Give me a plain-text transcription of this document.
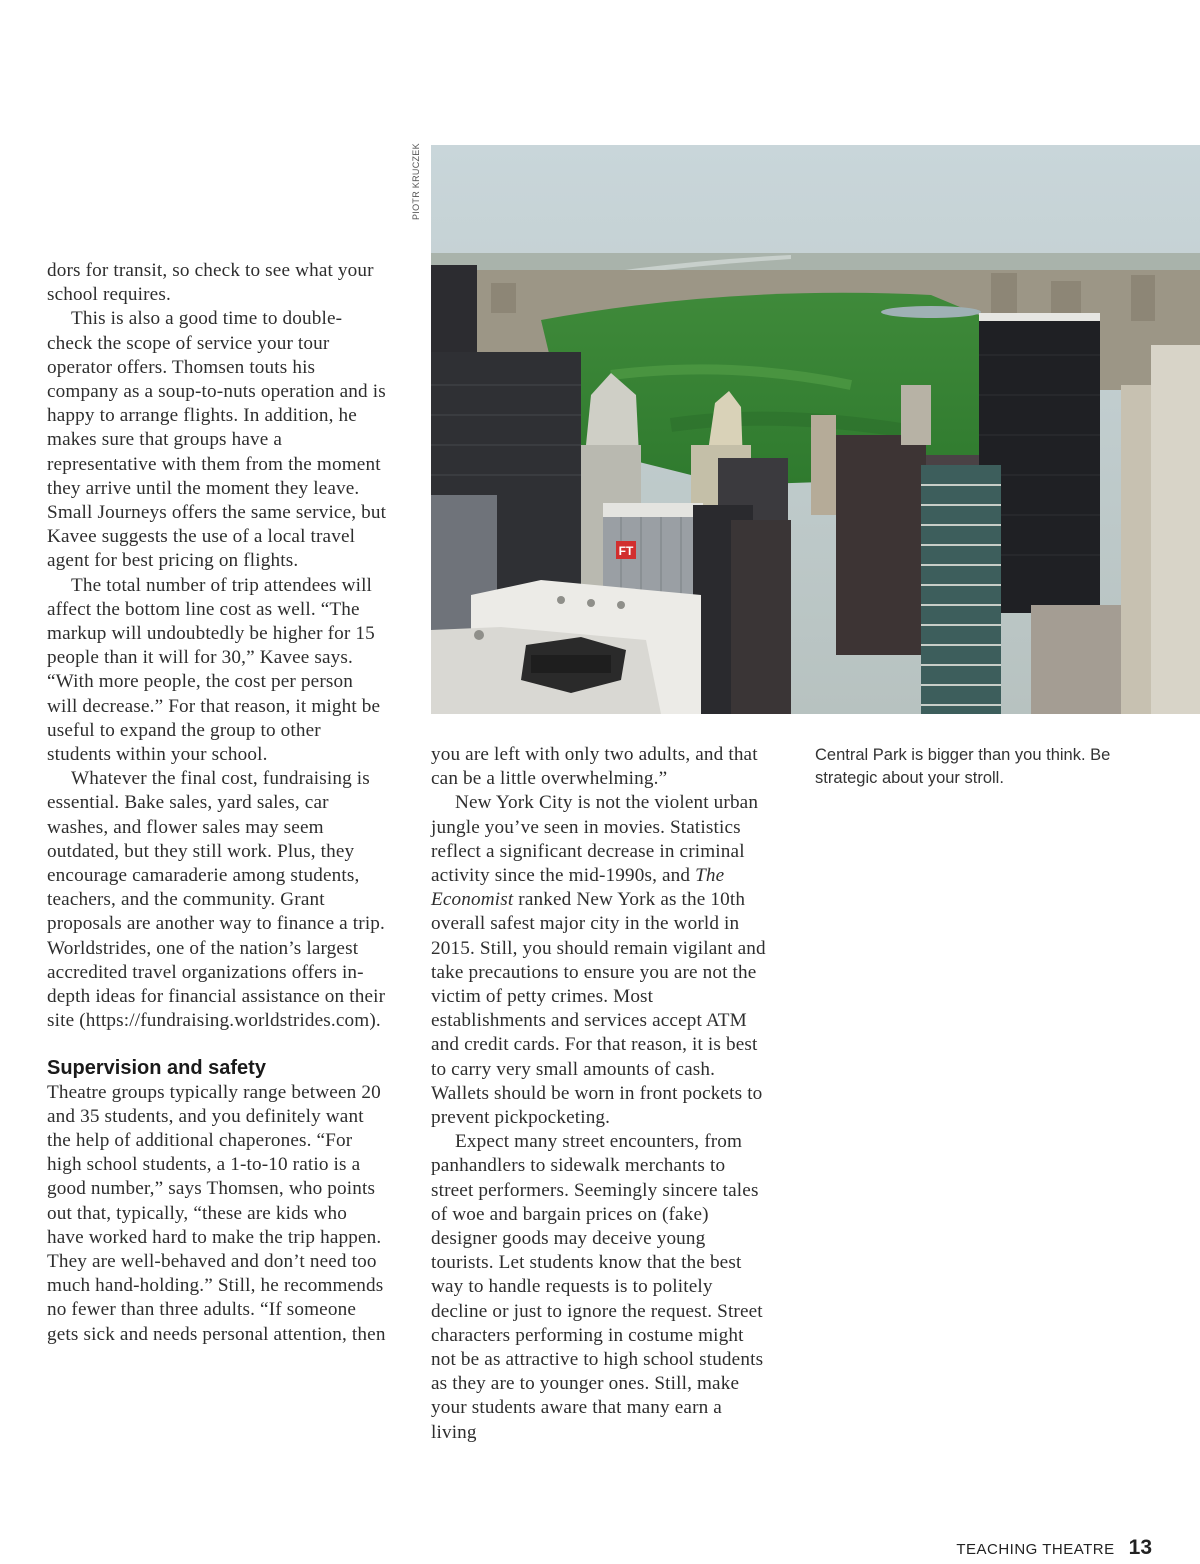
PIOTR KRUCZEK
FT

dors for transit, so check to see what your school requires.

This is also a good time to double-check the scope of service your tour operator offers. Thomsen touts his company as a soup-to-nuts operation and is happy to arrange flights. In addition, he makes sure that groups have a representative with them from the moment they arrive until the moment they leave. Small Journeys offers the same service, but Kavee suggests the use of a local travel agent for best pricing on flights.

The total number of trip attendees will affect the bottom line cost as well. “The markup will undoubtedly be higher for 15 people than it will for 30,” Kavee says. “With more people, the cost per person will decrease.” For that reason, it might be useful to expand the group to other students within your school.

Whatever the final cost, fundraising is essential. Bake sales, yard sales, car washes, and flower sales may seem outdated, but they still work. Plus, they encourage camaraderie among students, teachers, and the community. Grant proposals are another way to finance a trip. Worldstrides, one of the nation’s largest accredited travel organizations offers in-depth ideas for financial assistance on their site (https://fundraising.worldstrides.com).

Supervision and safety

Theatre groups typically range between 20 and 35 students, and you definitely want the help of additional chaperones. “For high school students, a 1-to-10 ratio is a good number,” says Thomsen, who points out that, typically, “these are kids who have worked hard to make the trip happen. They are well-behaved and don’t need too much hand-holding.” Still, he recommends no fewer than three adults. “If someone gets sick and needs personal attention, then

you are left with only two adults, and that can be a little overwhelming.”

New York City is not the violent urban jungle you’ve seen in movies. Statistics reflect a significant decrease in criminal activity since the mid-1990s, and The Economist ranked New York as the 10th overall safest major city in the world in 2015. Still, you should remain vigilant and take precautions to ensure you are not the victim of petty crimes. Most establishments and services accept ATM and credit cards. For that reason, it is best to carry very small amounts of cash. Wallets should be worn in front pockets to prevent pickpocketing.

Expect many street encounters, from panhandlers to sidewalk merchants to street performers. Seemingly sincere tales of woe and bargain prices on (fake) designer goods may deceive young tourists. Let students know that the best way to handle requests is to politely decline or just to ignore the request. Street characters performing in costume might not be as attractive to high school students as they are to younger ones. Still, make your students aware that many earn a living

Central Park is bigger than you think. Be strategic about your stroll.
TEACHING THEATRE 13
